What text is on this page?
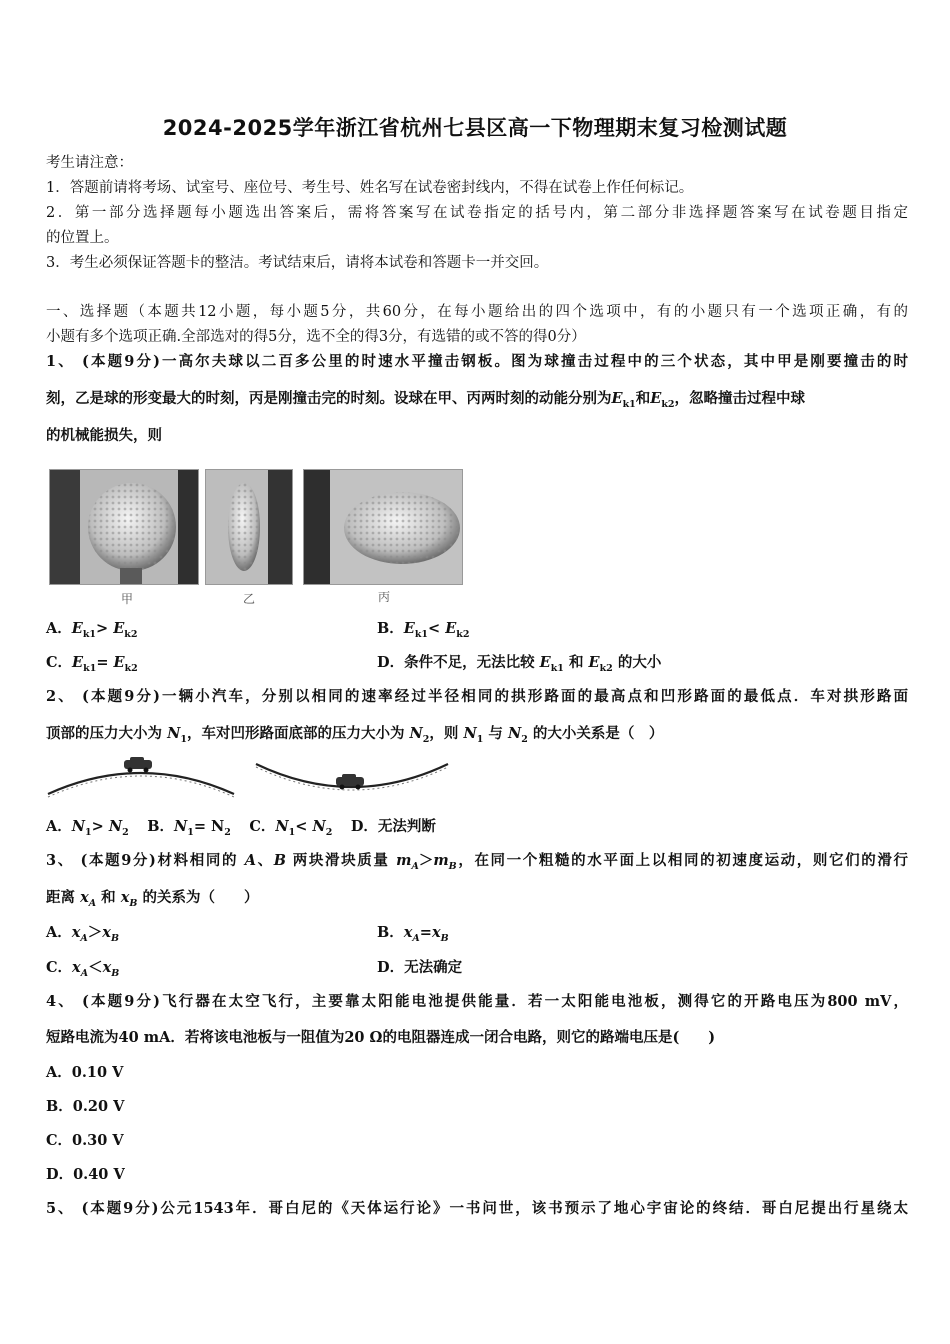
2024-2025学年浙江省杭州七县区高一下物理期末复习检测试题
考生请注意：
1．答题前请将考场、试室号、座位号、考生号、姓名写在试卷密封线内，不得在试卷上作任何标记。
2．第一部分选择题每小题选出答案后，需将答案写在试卷指定的括号内，第二部分非选择题答案写在试卷题目指定
的位置上。
3．考生必须保证答题卡的整洁。考试结束后，请将本试卷和答题卡一并交回。
一、选择题（本题共12小题，每小题5分，共60分，在每小题给出的四个选项中，有的小题只有一个选项正确，有的
小题有多个选项正确.全部选对的得5分，选不全的得3分，有选错的或不答的得0分）
1、 (本题9分)一高尔夫球以二百多公里的时速水平撞击钢板。图为球撞击过程中的三个状态，其中甲是刚要撞击的时
刻，乙是球的形变最大的时刻，丙是刚撞击完的时刻。设球在甲、丙两时刻的动能分别为$E_{k1}$和$E_{k2}$，忽略撞击过程中球
的机械能损失，则
甲	乙	丙
A．$E_{k1}> E_{k2}$	B．$E_{k1}< E_{k2}$
C．$E_{k1}= E_{k2}$	D．条件不足，无法比较 $E_{k1}$ 和 $E_{k2}$ 的大小
2、 (本题9分)一辆小汽车，分别以相同的速率经过半径相同的拱形路面的最高点和凹形路面的最低点．车对拱形路面
顶部的压力大小为 $N_1$，车对凹形路面底部的压力大小为 $N_2$，则 $N_1$ 与 $N_2$ 的大小关系是（　）
A．$N_1> N_2$ B．$N_1= N_2$ C．$N_1< N_2$ D．无法判断
3、 (本题9分)材料相同的 A、B 两块滑块质量 $m_A>m_B$，在同一个粗糙的水平面上以相同的初速度运动，则它们的滑行
距离 $x_A$ 和 $x_B$ 的关系为（　　）
A．$x_A>x_B$	B．$x_A=x_B$
C．$x_A<x_B$	D．无法确定
4、 (本题9分)飞行器在太空飞行，主要靠太阳能电池提供能量．若一太阳能电池板，测得它的开路电压为800 mV，
短路电流为40 mA．若将该电池板与一阻值为20 Ω的电阻器连成一闭合电路，则它的路端电压是(　　)
A．0.10 V
B．0.20 V
C．0.30 V
D．0.40 V
5、 (本题9分)公元1543年．哥白尼的《天体运行论》一书问世，该书预示了地心宇宙论的终结．哥白尼提出行星绕太
